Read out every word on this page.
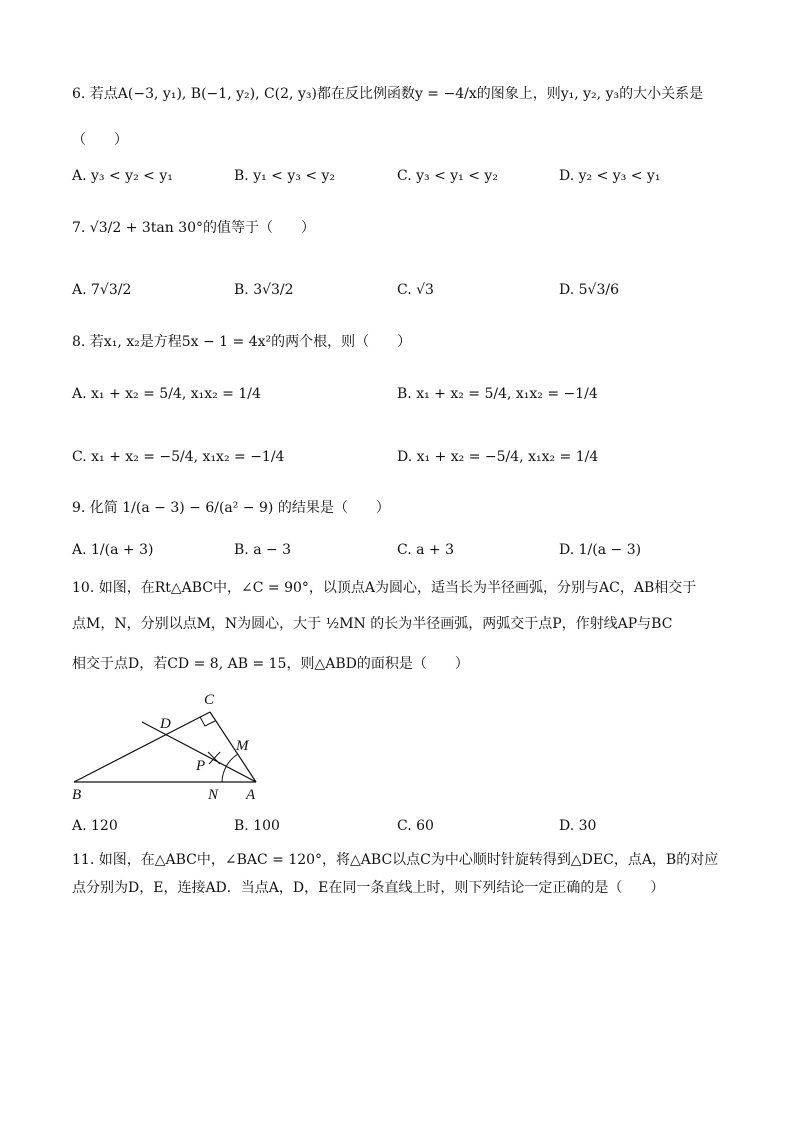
6. 若点A(−3, y₁), B(−1, y₂), C(2, y₃)都在反比例函数y = −4/x的图象上，则y₁, y₂, y₃的大小关系是
（　　）
A. y₃ < y₂ < y₁	B. y₁ < y₃ < y₂	C. y₃ < y₁ < y₂	D. y₂ < y₃ < y₁
7. √3/2 + 3tan 30°的值等于（　　）
A. 7√3/2	B. 3√3/2	C. √3	D. 5√3/6
8. 若x₁, x₂是方程5x − 1 = 4x²的两个根，则（　　）
A. x₁ + x₂ = 5/4, x₁x₂ = 1/4	B. x₁ + x₂ = 5/4, x₁x₂ = −1/4
C. x₁ + x₂ = −5/4, x₁x₂ = −1/4	D. x₁ + x₂ = −5/4, x₁x₂ = 1/4
9. 化简 1/(a − 3) − 6/(a² − 9) 的结果是（　　）
A. 1/(a + 3)	B. a − 3	C. a + 3	D. 1/(a − 3)
10. 如图，在Rt△ABC中，∠C = 90°，以顶点A为圆心，适当长为半径画弧，分别与AC，AB相交于
点M，N，分别以点M，N为圆心，大于 ½MN 的长为半径画弧，两弧交于点P，作射线AP与BC
相交于点D，若CD = 8, AB = 15，则△ABD的面积是（　　）
C
D
M
P
B	N A
A. 120	B. 100	C. 60	D. 30
11. 如图，在△ABC中，∠BAC = 120°，将△ABC以点C为中心顺时针旋转得到△DEC，点A，B的对应
点分别为D，E，连接AD．当点A，D，E在同一条直线上时，则下列结论一定正确的是（　　）
